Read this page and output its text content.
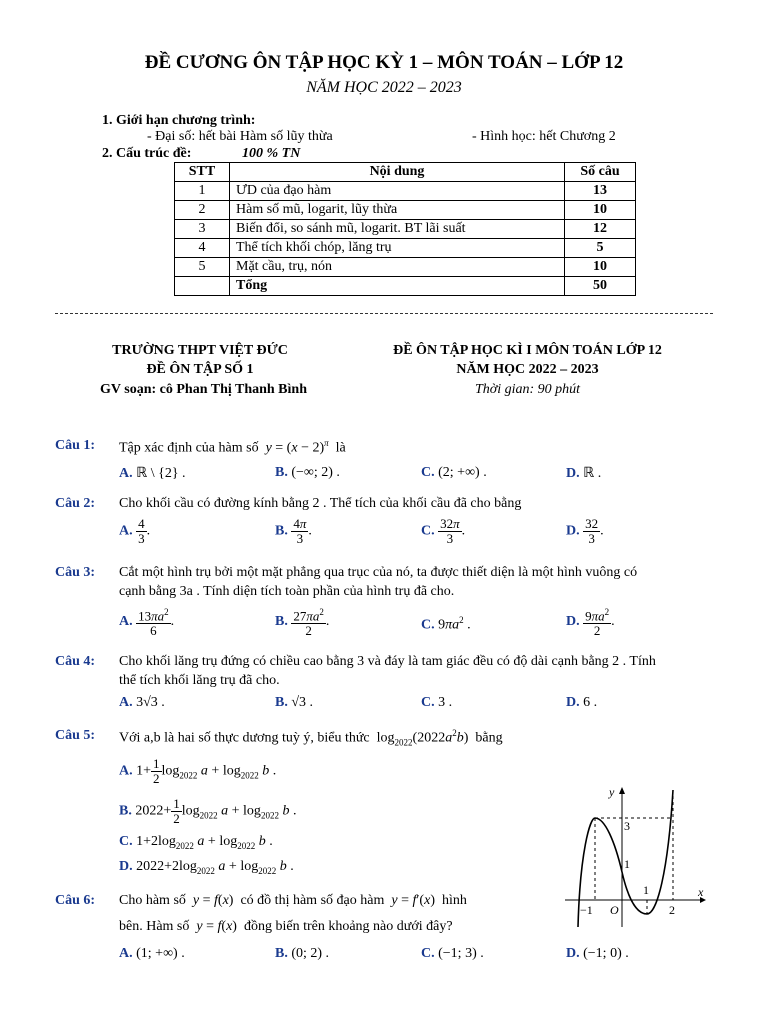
ĐỀ CƯƠNG ÔN TẬP HỌC KỲ 1 – MÔN TOÁN – LỚP 12
NĂM HỌC 2022 – 2023
1. Giới hạn chương trình:
- Đại số: hết bài Hàm số lũy thừa	- Hình học: hết Chương 2
2. Cấu trúc đề:	100 % TN
STT	Nội dung	Số câu
1	ƯD của đạo hàm	13
2	Hàm số mũ, logarit, lũy thừa	10
3	Biến đổi, so sánh mũ, logarit. BT lãi suất	12
4	Thể tích khối chóp, lăng trụ	5
5	Mặt cầu, trụ, nón	10
	Tổng	50
TRƯỜNG THPT VIỆT ĐỨC
ĐỀ ÔN TẬP SỐ 1
GV soạn: cô Phan Thị Thanh Bình
ĐỀ ÔN TẬP HỌC KÌ I MÔN TOÁN LỚP 12
NĂM HỌC 2022 – 2023
Thời gian: 90 phút
Câu 1: Tập xác định của hàm số $y = (x - 2)^\pi$ là
A. ℝ \ {2} .	B. (−∞; 2) .	C. (2; +∞) .	D. ℝ .
Câu 2: Cho khối cầu có đường kính bằng 2 . Thể tích của khối cầu đã cho bằng
A. $\frac{4}{3}$ .	B. $\frac{4\pi}{3}$ .	C. $\frac{32\pi}{3}$ .	D. $\frac{32}{3}$ .
Câu 3: Cắt một hình trụ bởi một mặt phẳng qua trục của nó, ta được thiết diện là một hình vuông có
cạnh bằng 3a . Tính diện tích toàn phần của hình trụ đã cho.
A. $\frac{13\pi a^2}{6}$ .	B. $\frac{27\pi a^2}{2}$ .	C. $9\pi a^2$ .	D. $\frac{9\pi a^2}{2}$ .
Câu 4: Cho khối lăng trụ đứng có chiều cao bằng 3 và đáy là tam giác đều có độ dài cạnh bằng 2 . Tính
thể tích khối lăng trụ đã cho.
A. 3√3 .	B. √3 .	C. 3 .	D. 6 .
Câu 5: Với a,b là hai số thực dương tuỳ ý, biểu thức  $\log_{2022}(2022a^2b)$  bằng
A. $1+ \frac{1}{2} \log_{2022} a + \log_{2022} b$ .
B. $2022+ \frac{1}{2} \log_{2022} a + \log_{2022} b$ .
C. $1+2\log_{2022}$ $a + \log_{2022} b$ .
D. $2022+2\log_{2022}$ $a + \log_{2022} b$ .
Câu 6: Cho hàm số y = f(x)  có đồ thị hàm số đạo hàm y = f′(x)  hình
bên. Hàm số y = f(x)  đồng biến trên khoảng nào dưới đây?
A. (1; +∞) .	B. (0; 2) .	C. (−1; 3) .	D. (−1; 0) .
x
y
−1 O	2
1
1
3
